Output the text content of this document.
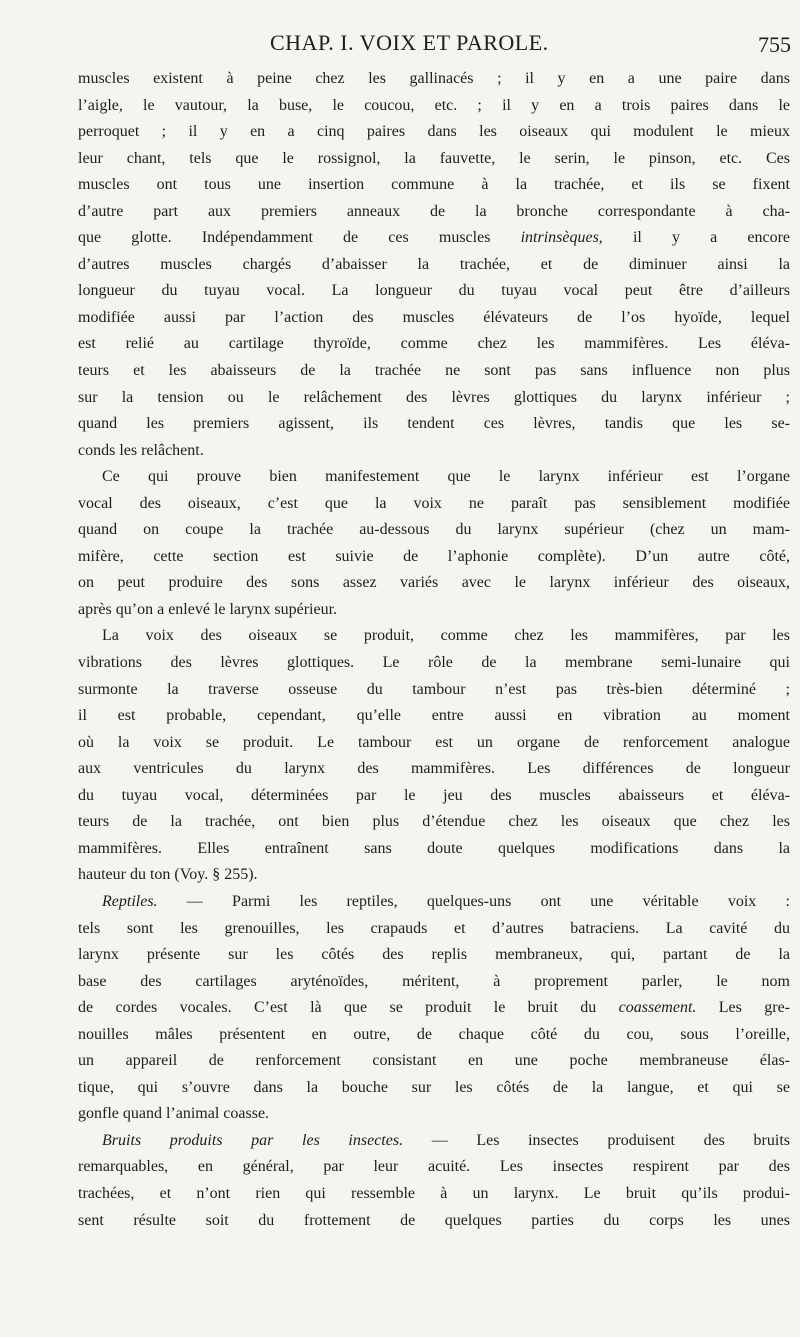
CHAP. I. VOIX ET PAROLE.	755
muscles existent à peine chez les gallinacés ; il y en a une paire dans
l’aigle, le vautour, la buse, le coucou, etc. ; il y en a trois paires dans le
perroquet ; il y en a cinq paires dans les oiseaux qui modulent le mieux
leur chant, tels que le rossignol, la fauvette, le serin, le pinson, etc. Ces
muscles ont tous une insertion commune à la trachée, et ils se fixent
d’autre part aux premiers anneaux de la bronche correspondante à cha-
que glotte. Indépendamment de ces muscles intrinsèques, il y a encore
d’autres muscles chargés d’abaisser la trachée, et de diminuer ainsi la
longueur du tuyau vocal. La longueur du tuyau vocal peut être d’ailleurs
modifiée aussi par l’action des muscles élévateurs de l’os hyoïde, lequel
est relié au cartilage thyroïde, comme chez les mammifères. Les éléva-
teurs et les abaisseurs de la trachée ne sont pas sans influence non plus
sur la tension ou le relâchement des lèvres glottiques du larynx inférieur ;
quand les premiers agissent, ils tendent ces lèvres, tandis que les se-
conds les relâchent.
Ce qui prouve bien manifestement que le larynx inférieur est l’organe
vocal des oiseaux, c’est que la voix ne paraît pas sensiblement modifiée
quand on coupe la trachée au-dessous du larynx supérieur (chez un mam-
mifère, cette section est suivie de l’aphonie complète). D’un autre côté,
on peut produire des sons assez variés avec le larynx inférieur des oiseaux,
après qu’on a enlevé le larynx supérieur.
La voix des oiseaux se produit, comme chez les mammifères, par les
vibrations des lèvres glottiques. Le rôle de la membrane semi-lunaire qui
surmonte la traverse osseuse du tambour n’est pas très-bien déterminé ;
il est probable, cependant, qu’elle entre aussi en vibration au moment
où la voix se produit. Le tambour est un organe de renforcement analogue
aux ventricules du larynx des mammifères. Les différences de longueur
du tuyau vocal, déterminées par le jeu des muscles abaisseurs et éléva-
teurs de la trachée, ont bien plus d’étendue chez les oiseaux que chez les
mammifères. Elles entraînent sans doute quelques modifications dans la
hauteur du ton (Voy. § 255).
Reptiles. — Parmi les reptiles, quelques-uns ont une véritable voix :
tels sont les grenouilles, les crapauds et d’autres batraciens. La cavité du
larynx présente sur les côtés des replis membraneux, qui, partant de la
base des cartilages aryténoïdes, méritent, à proprement parler, le nom
de cordes vocales. C’est là que se produit le bruit du coassement. Les gre-
nouilles mâles présentent en outre, de chaque côté du cou, sous l’oreille,
un appareil de renforcement consistant en une poche membraneuse élas-
tique, qui s’ouvre dans la bouche sur les côtés de la langue, et qui se
gonfle quand l’animal coasse.
Bruits produits par les insectes. — Les insectes produisent des bruits
remarquables, en général, par leur acuité. Les insectes respirent par des
trachées, et n’ont rien qui ressemble à un larynx. Le bruit qu’ils produi-
sent résulte soit du frottement de quelques parties du corps les unes
